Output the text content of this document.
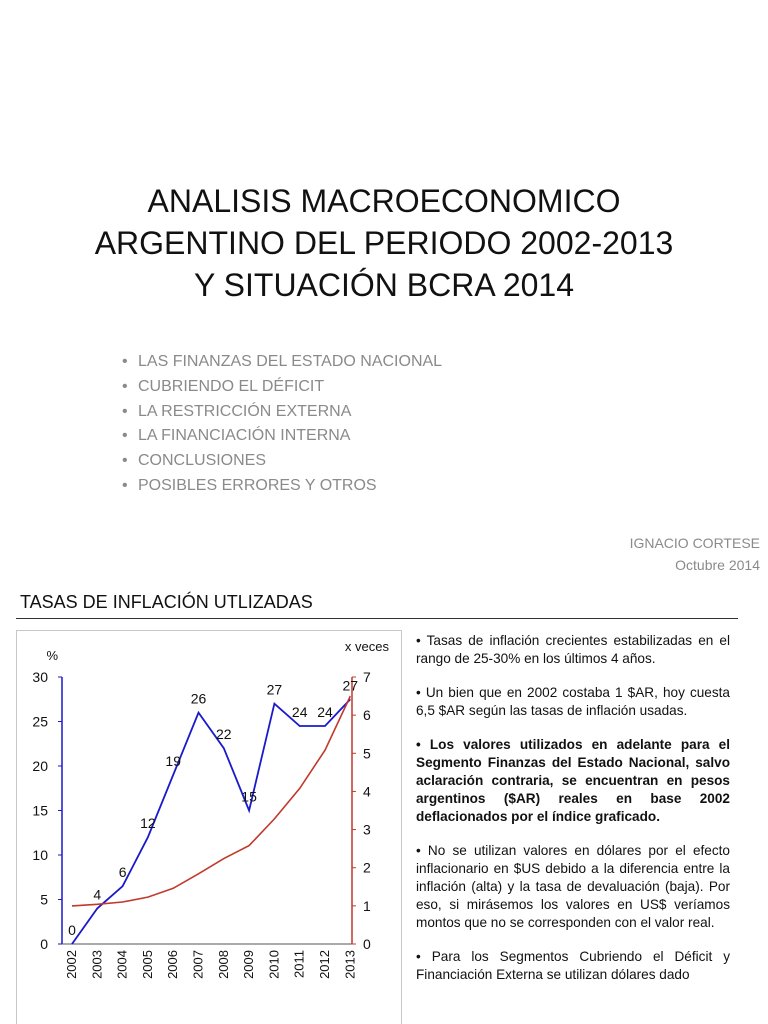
ANALISIS MACROECONOMICO
ARGENTINO DEL PERIODO 2002-2013
Y SITUACIÓN BCRA 2014
• LAS FINANZAS DEL ESTADO NACIONAL
• CUBRIENDO EL DÉFICIT
• LA RESTRICCIÓN EXTERNA
• LA FINANCIACIÓN INTERNA
• CONCLUSIONES
• POSIBLES ERRORES Y OTROS
IGNACIO CORTESE
Octubre 2014
TASAS DE INFLACIÓN UTLIZADAS
0
5
10
15
20
25
30
%
0
1
2
3
4
5
6
7
x veces
2002 2003 2004 2005 2006 2007 2008 2009 2010 2011 2012 2013
0
4
6
12
19
26
22
15
27
24 24
27

• Tasas de inflación crecientes estabilizadas en el rango de 25-30% en los últimos 4 años.

• Un bien que en 2002 costaba 1 $AR, hoy cuesta 6,5 $AR según las tasas de inflación usadas.

• Los valores utilizados en adelante para el Segmento Finanzas del Estado Nacional, salvo aclaración contraria, se encuentran en pesos argentinos ($AR) reales en base 2002 deflacionados por el índice graficado.

• No se utilizan valores en dólares por el efecto inflacionario en $US debido a la diferencia entre la inflación (alta) y la tasa de devaluación (baja). Por eso, si mirásemos los valores en US$ veríamos montos que no se corresponden con el valor real.

• Para los Segmentos Cubriendo el Déficit y Financiación Externa se utilizan dólares dado
